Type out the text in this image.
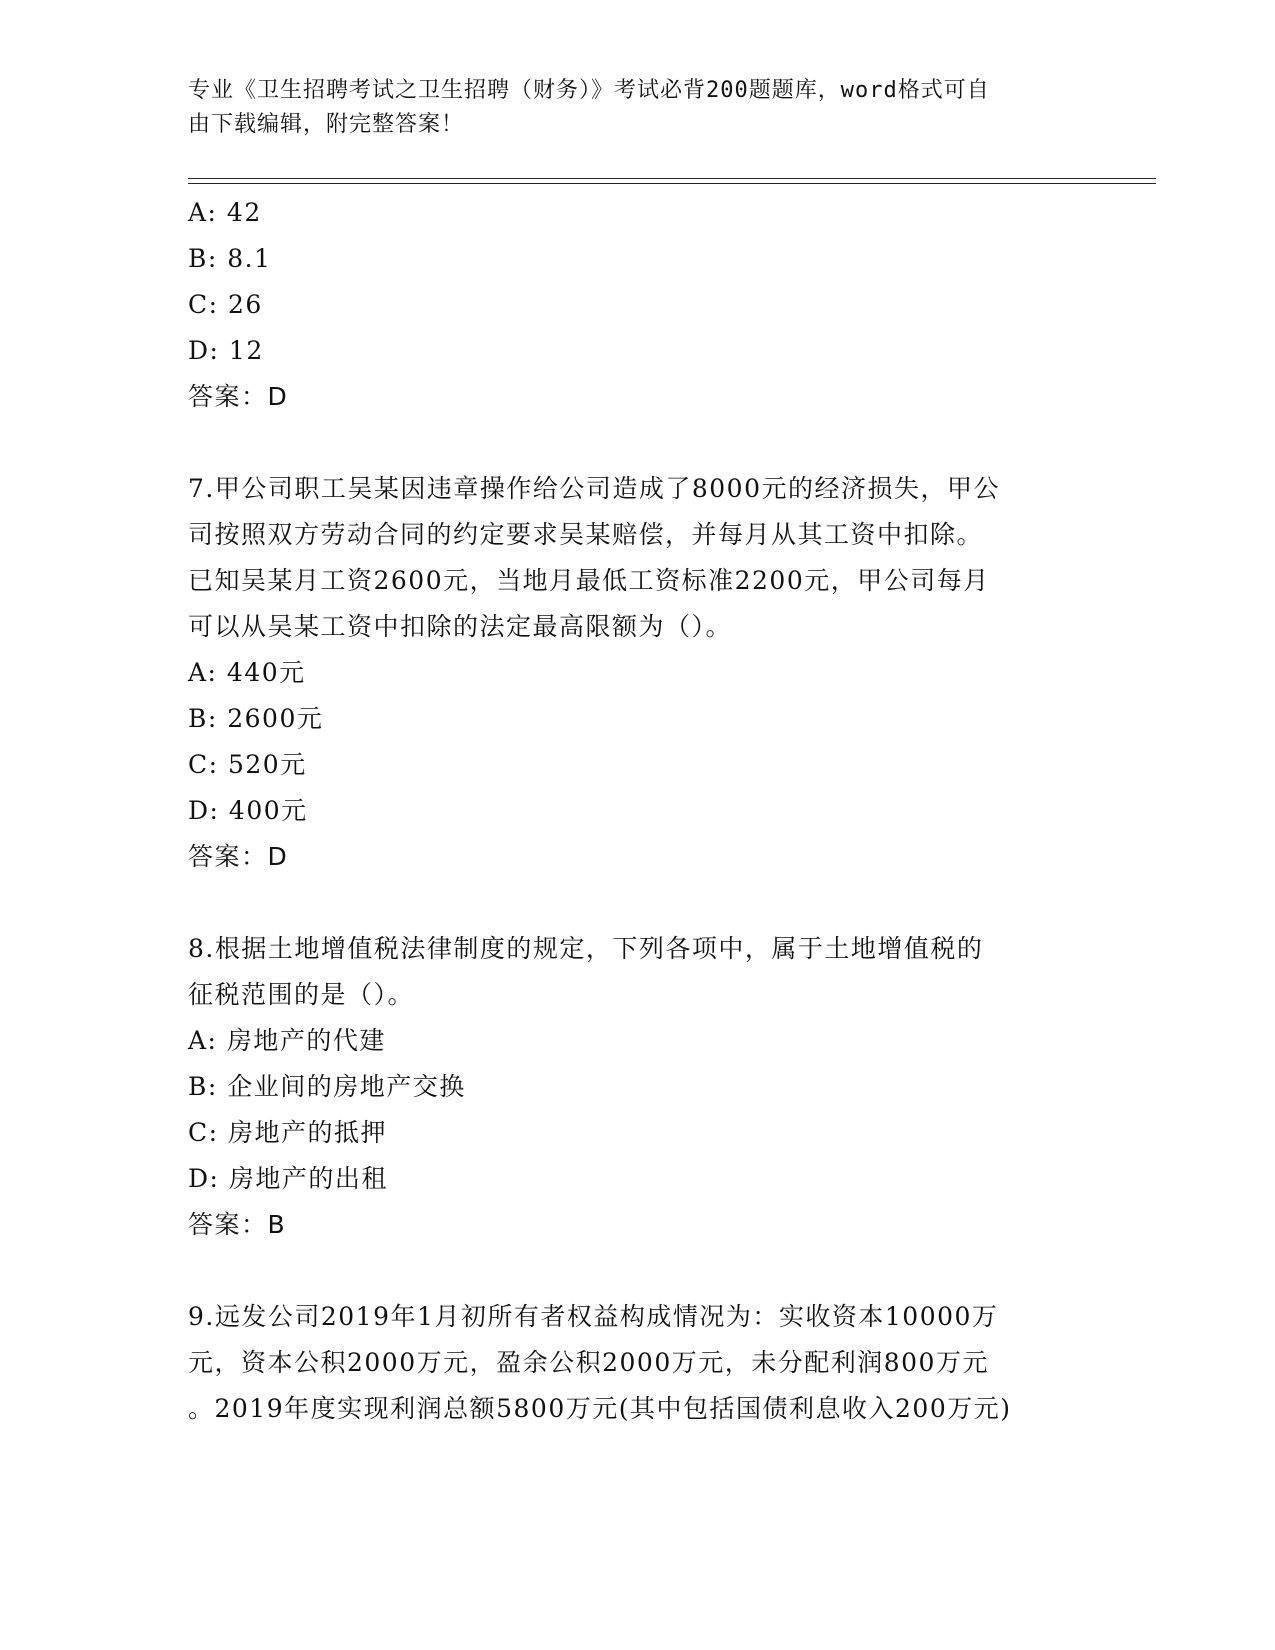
专业《卫生招聘考试之卫生招聘（财务）》考试必背200题题库，word格式可自
由下载编辑，附完整答案！
A: 42
B: 8.1
C: 26
D: 12
答案：D
7.甲公司职工吴某因违章操作给公司造成了8000元的经济损失，甲公
司按照双方劳动合同的约定要求吴某赔偿，并每月从其工资中扣除。
已知吴某月工资2600元，当地月最低工资标准2200元，甲公司每月
可以从吴某工资中扣除的法定最高限额为（）。
A: 440元
B: 2600元
C: 520元
D: 400元
答案：D
8.根据土地增值税法律制度的规定，下列各项中，属于土地增值税的
征税范围的是（）。
A: 房地产的代建
B: 企业间的房地产交换
C: 房地产的抵押
D: 房地产的出租
答案：B
9.远发公司2019年1月初所有者权益构成情况为：实收资本10000万
元，资本公积2000万元，盈余公积2000万元，未分配利润800万元
。2019年度实现利润总额5800万元(其中包括国债利息收入200万元)
